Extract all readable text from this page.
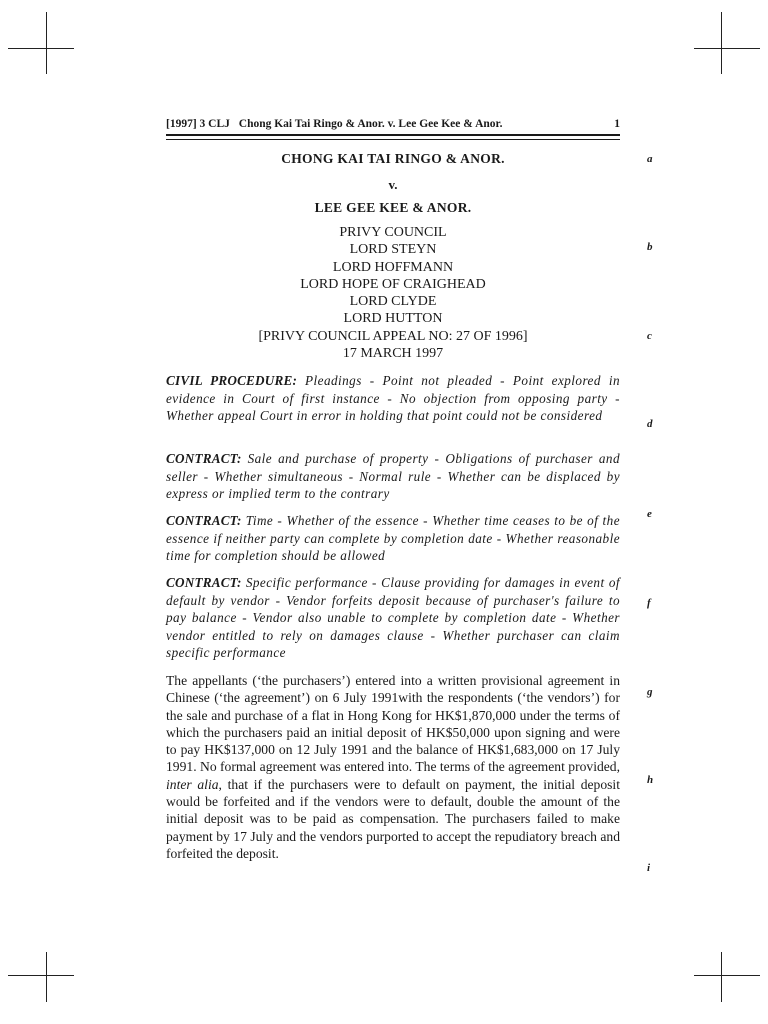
[1997] 3 CLJ Chong Kai Tai Ringo & Anor. v. Lee Gee Kee & Anor.	1
CHONG KAI TAI RINGO & ANOR.
v.
LEE GEE KEE & ANOR.
PRIVY COUNCIL
LORD STEYN
LORD HOFFMANN
LORD HOPE OF CRAIGHEAD
LORD CLYDE
LORD HUTTON
[PRIVY COUNCIL APPEAL NO: 27 OF 1996]
17 MARCH 1997
CIVIL PROCEDURE: Pleadings - Point not pleaded - Point explored in evidence in Court of first instance - No objection from opposing party - Whether appeal Court in error in holding that point could not be considered
CONTRACT: Sale and purchase of property - Obligations of purchaser and seller - Whether simultaneous - Normal rule - Whether can be displaced by express or implied term to the contrary
CONTRACT: Time - Whether of the essence - Whether time ceases to be of the essence if neither party can complete by completion date - Whether reasonable time for completion should be allowed
CONTRACT: Specific performance - Clause providing for damages in event of default by vendor - Vendor forfeits deposit because of purchaser's failure to pay balance - Vendor also unable to complete by completion date - Whether vendor entitled to rely on damages clause - Whether purchaser can claim specific performance
The appellants (‘the purchasers’) entered into a written provisional agreement in Chinese (‘the agreement’) on 6 July 1991with the respondents (‘the vendors’) for the sale and purchase of a flat in Hong Kong for HK$1,870,000 under the terms of which the purchasers paid an initial deposit of HK$50,000 upon signing and were to pay HK$137,000 on 12 July 1991 and the balance of HK$1,683,000 on 17 July 1991. No formal agreement was entered into. The terms of the agreement provided, inter alia, that if the purchasers were to default on payment, the initial deposit would be forfeited and if the vendors were to default, double the amount of the initial deposit was to be paid as compensation. The purchasers failed to make payment by 17 July and the vendors purported to accept the repudiatory breach and forfeited the deposit.
a
b
c
d
e
f
g
h
i
